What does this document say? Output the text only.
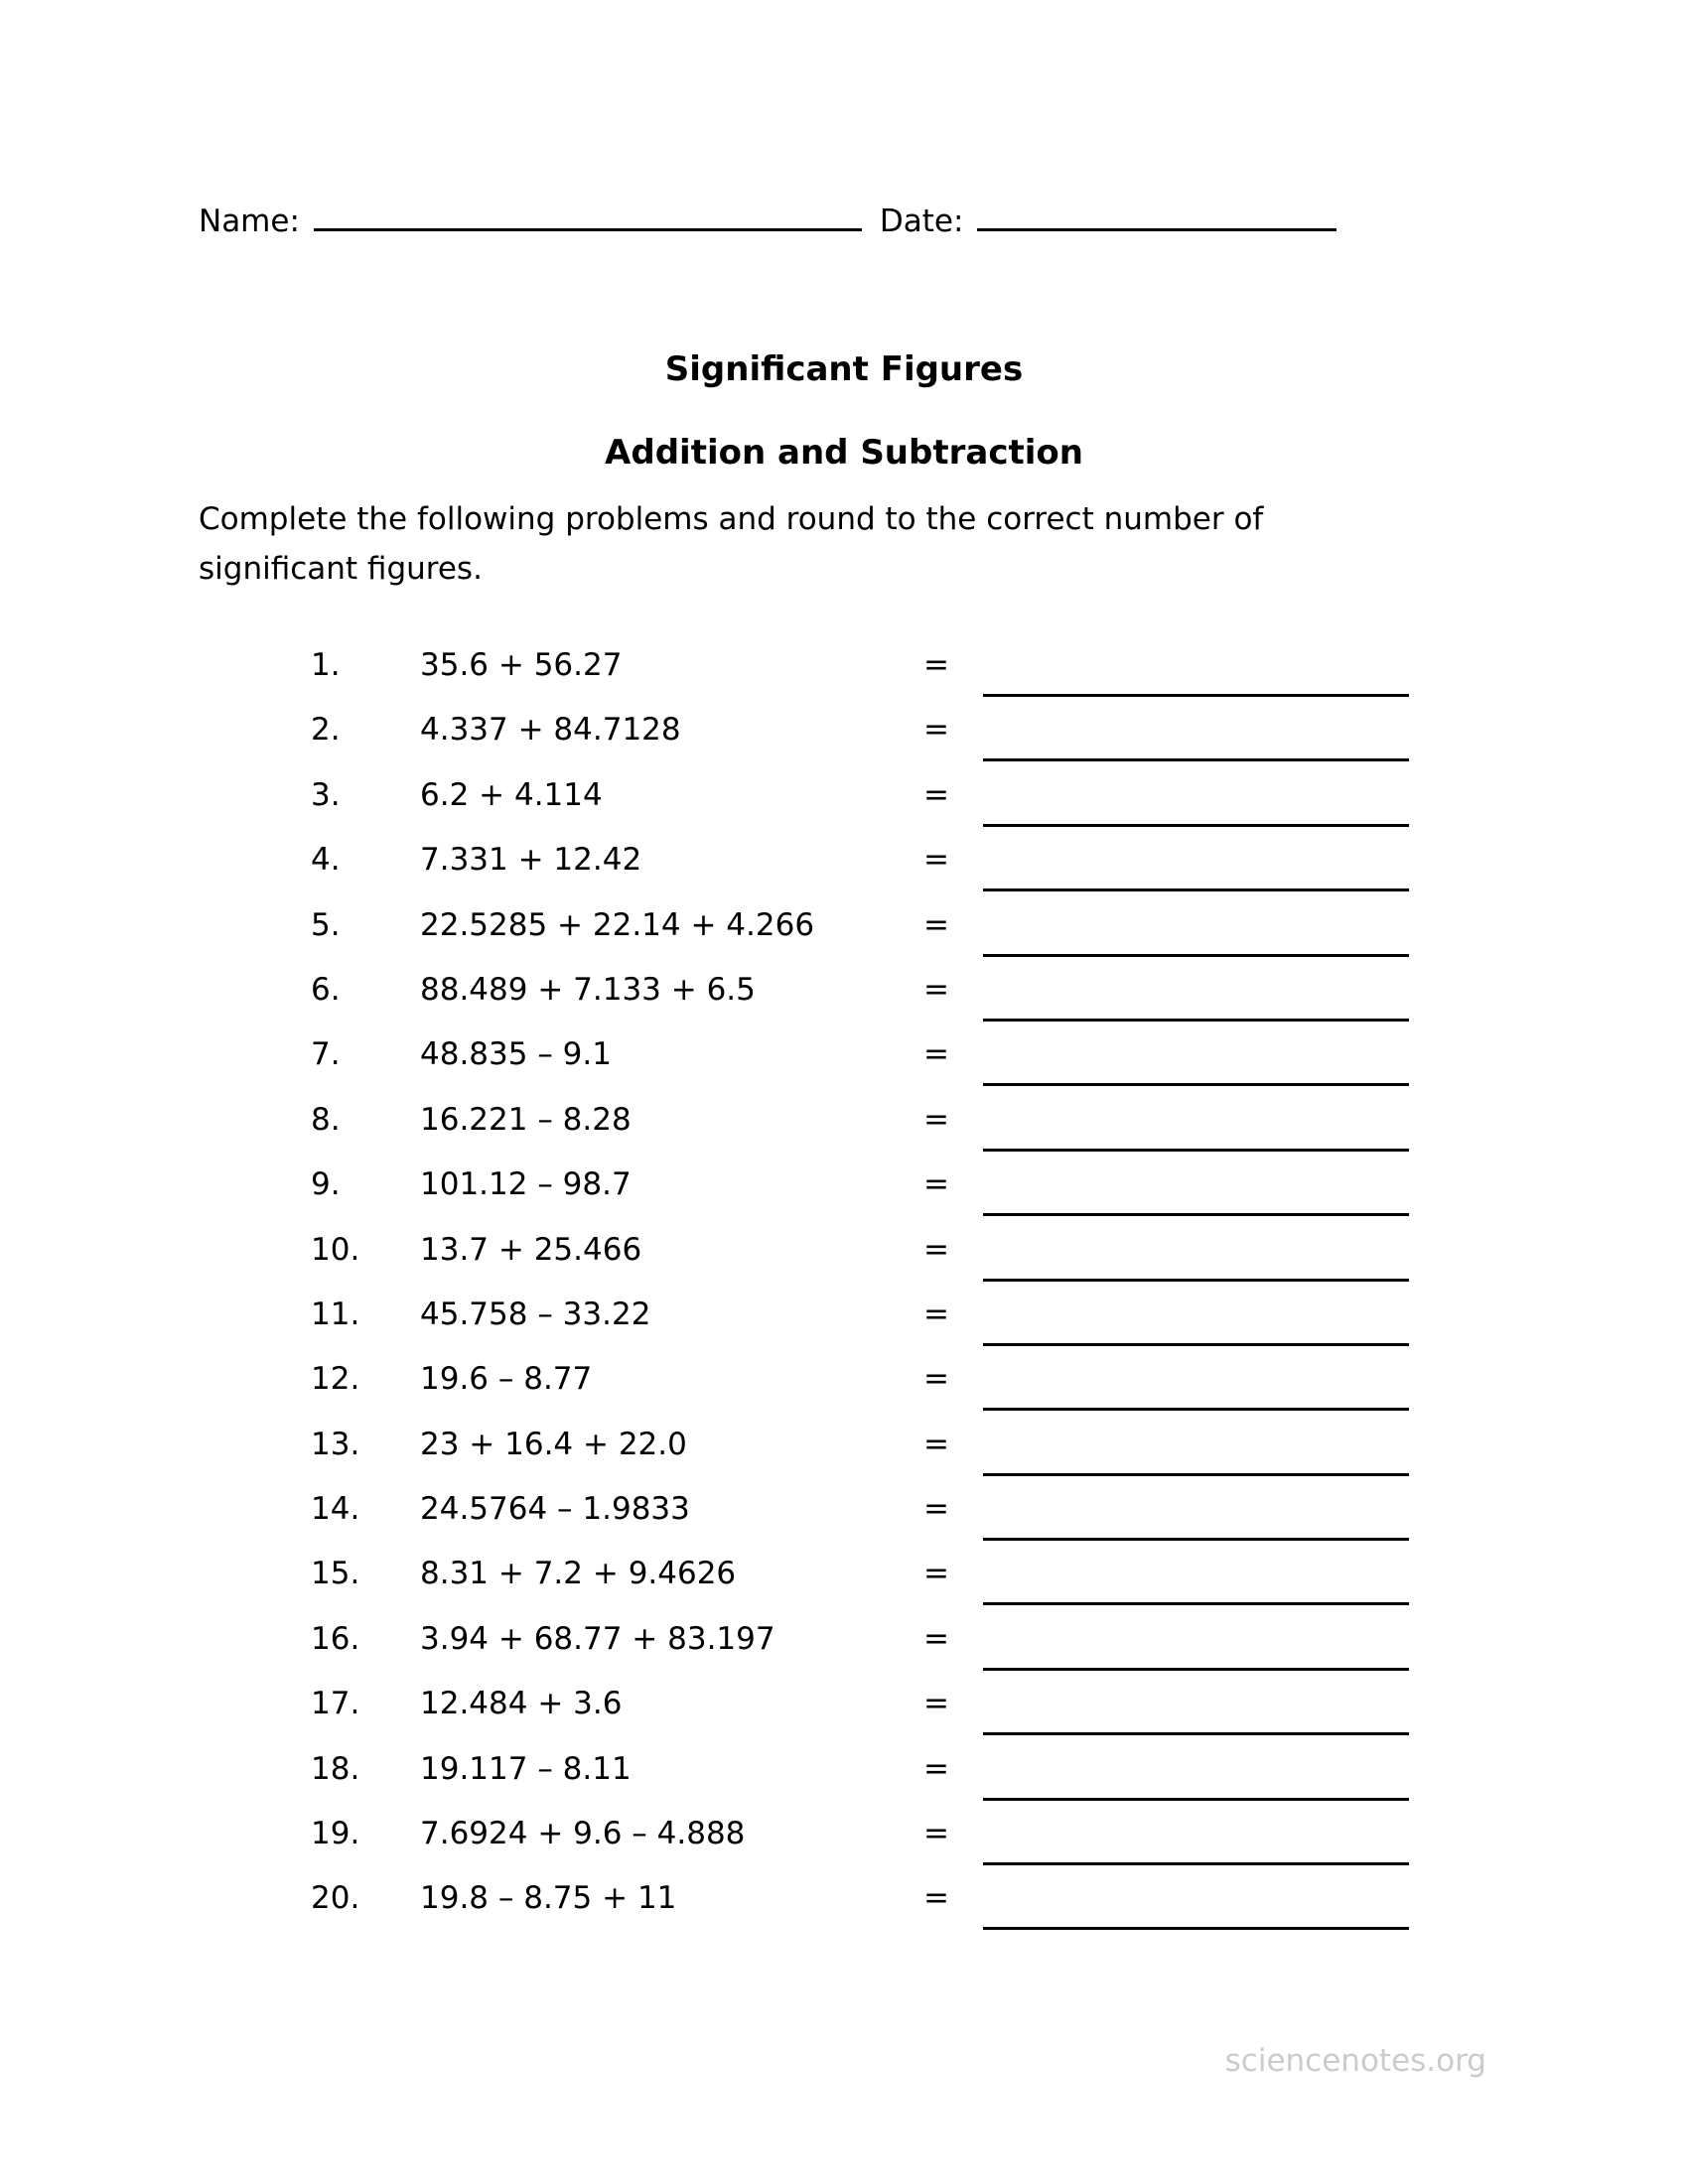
Name:	Date:
Significant Figures
Addition and Subtraction

Complete the following problems and round to the correct number of
significant figures.

1.	35.6 + 56.27	=
2.	4.337 + 84.7128	=
3.	6.2 + 4.114	=
4.	7.331 + 12.42	=
5.	22.5285 + 22.14 + 4.266	=
6.	88.489 + 7.133 + 6.5	=
7.	48.835 – 9.1	=
8.	16.221 – 8.28	=
9.	101.12 – 98.7	=
10. 13.7 + 25.466	=
11. 45.758 – 33.22	=
12. 19.6 – 8.77	=
13. 23 + 16.4 + 22.0	=
14. 24.5764 – 1.9833	=
15. 8.31 + 7.2 + 9.4626	=
16. 3.94 + 68.77 + 83.197	=
17. 12.484 + 3.6	=
18. 19.117 – 8.11	=
19. 7.6924 + 9.6 – 4.888	=
20. 19.8 – 8.75 + 11	=
sciencenotes.org
